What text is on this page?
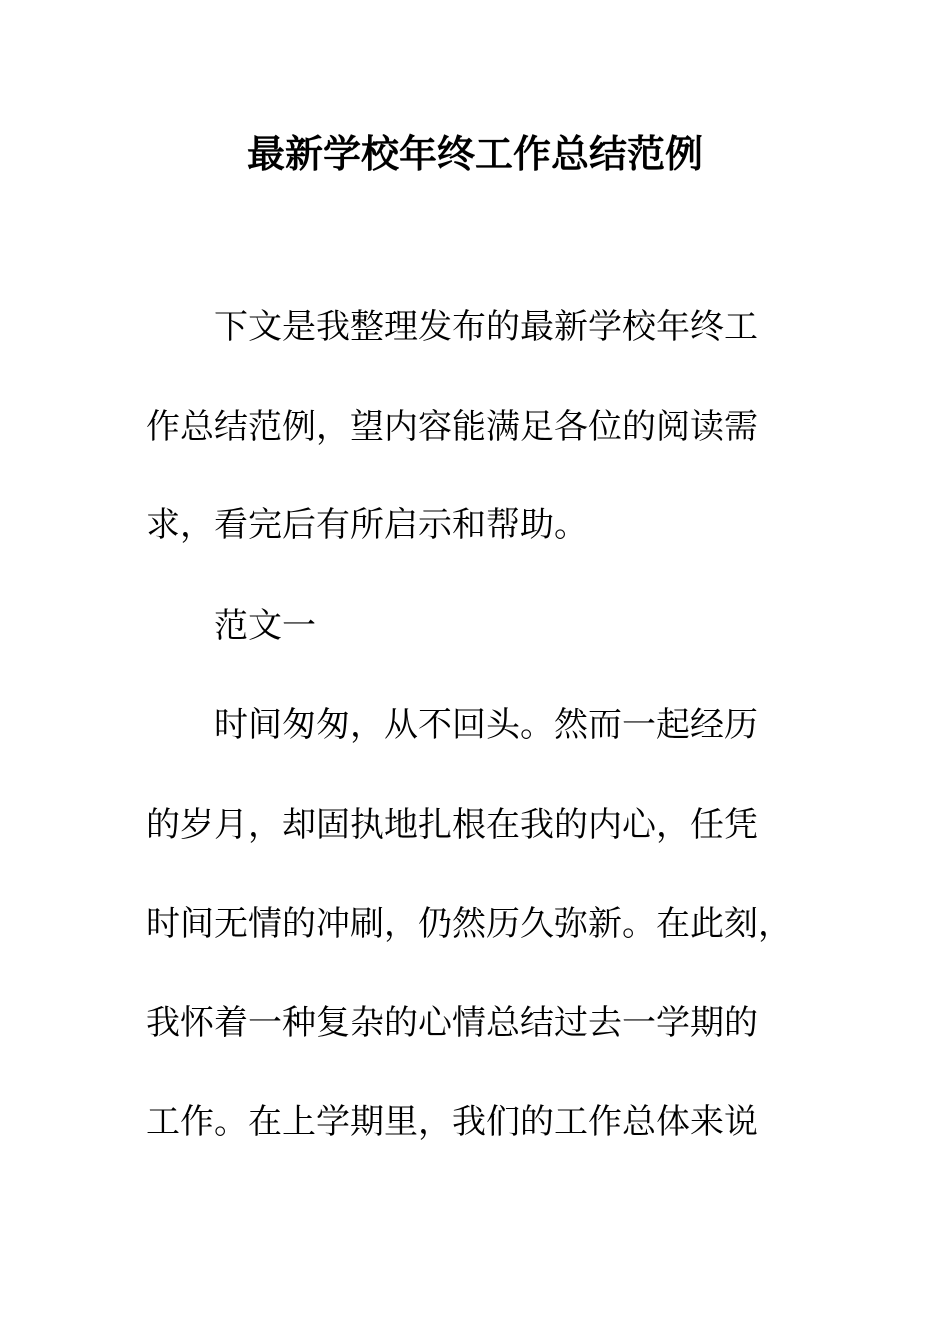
最新学校年终工作总结范例

下文是我整理发布的最新学校年终工

作总结范例，望内容能满足各位的阅读需

求，看完后有所启示和帮助。

范文一

时间匆匆，从不回头。然而一起经历

的岁月，却固执地扎根在我的内心，任凭

时间无情的冲刷，仍然历久弥新。在此刻，

我怀着一种复杂的心情总结过去一学期的

工作。在上学期里，我们的工作总体来说
